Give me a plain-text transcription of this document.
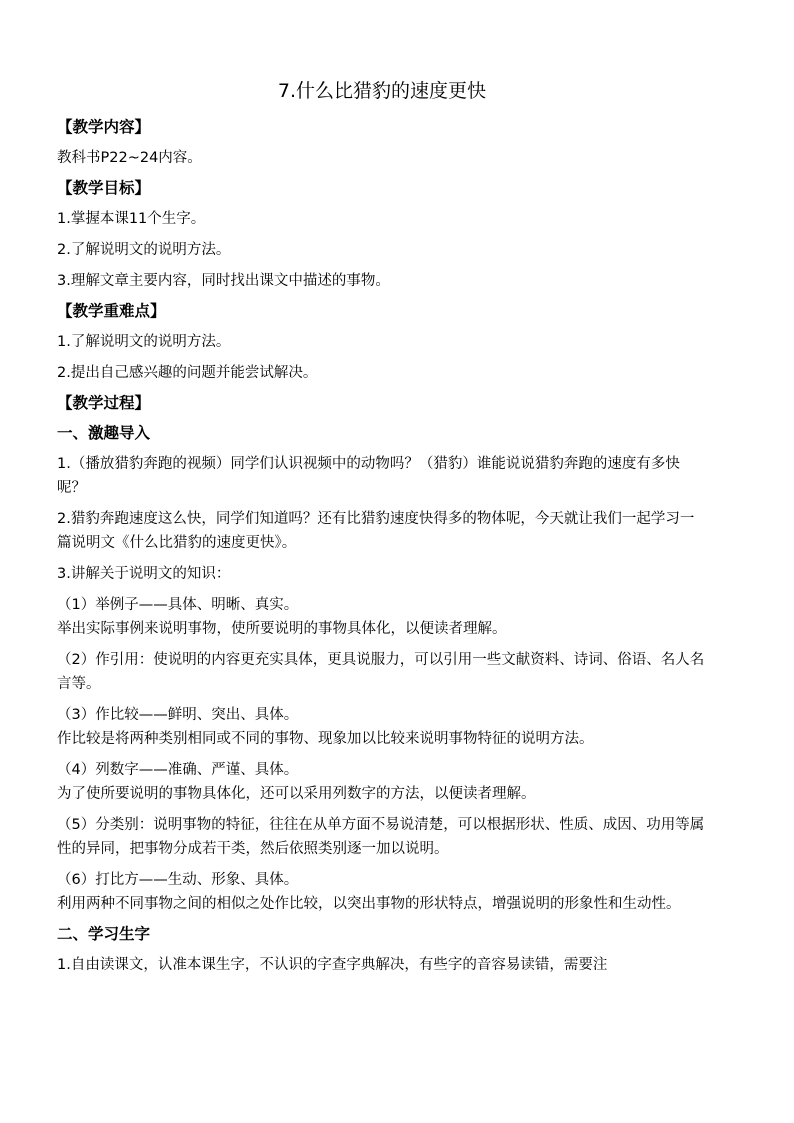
7.什么比猎豹的速度更快
【教学内容】
教科书P22~24内容。
【教学目标】
1.掌握本课11个生字。
2.了解说明文的说明方法。
3.理解文章主要内容，同时找出课文中描述的事物。
【教学重难点】
1.了解说明文的说明方法。
2.提出自己感兴趣的问题并能尝试解决。
【教学过程】
一、激趣导入
1.（播放猎豹奔跑的视频）同学们认识视频中的动物吗？（猎豹）谁能说说猎豹奔跑的速度有多快呢？
2.猎豹奔跑速度这么快，同学们知道吗？还有比猎豹速度快得多的物体呢，今天就让我们一起学习一篇说明文《什么比猎豹的速度更快》。
3.讲解关于说明文的知识：
（1）举例子——具体、明晰、真实。
举出实际事例来说明事物，使所要说明的事物具体化，以便读者理解。
（2）作引用：使说明的内容更充实具体，更具说服力，可以引用一些文献资料、诗词、俗语、名人名言等。
（3）作比较——鲜明、突出、具体。
作比较是将两种类别相同或不同的事物、现象加以比较来说明事物特征的说明方法。
（4）列数字——准确、严谨、具体。
为了使所要说明的事物具体化，还可以采用列数字的方法，以便读者理解。
（5）分类别：说明事物的特征，往往在从单方面不易说清楚，可以根据形状、性质、成因、功用等属性的异同，把事物分成若干类，然后依照类别逐一加以说明。
（6）打比方——生动、形象、具体。
利用两种不同事物之间的相似之处作比较，以突出事物的形状特点，增强说明的形象性和生动性。
二、学习生字
1.自由读课文，认准本课生字，不认识的字查字典解决，有些字的音容易读错，需要注
